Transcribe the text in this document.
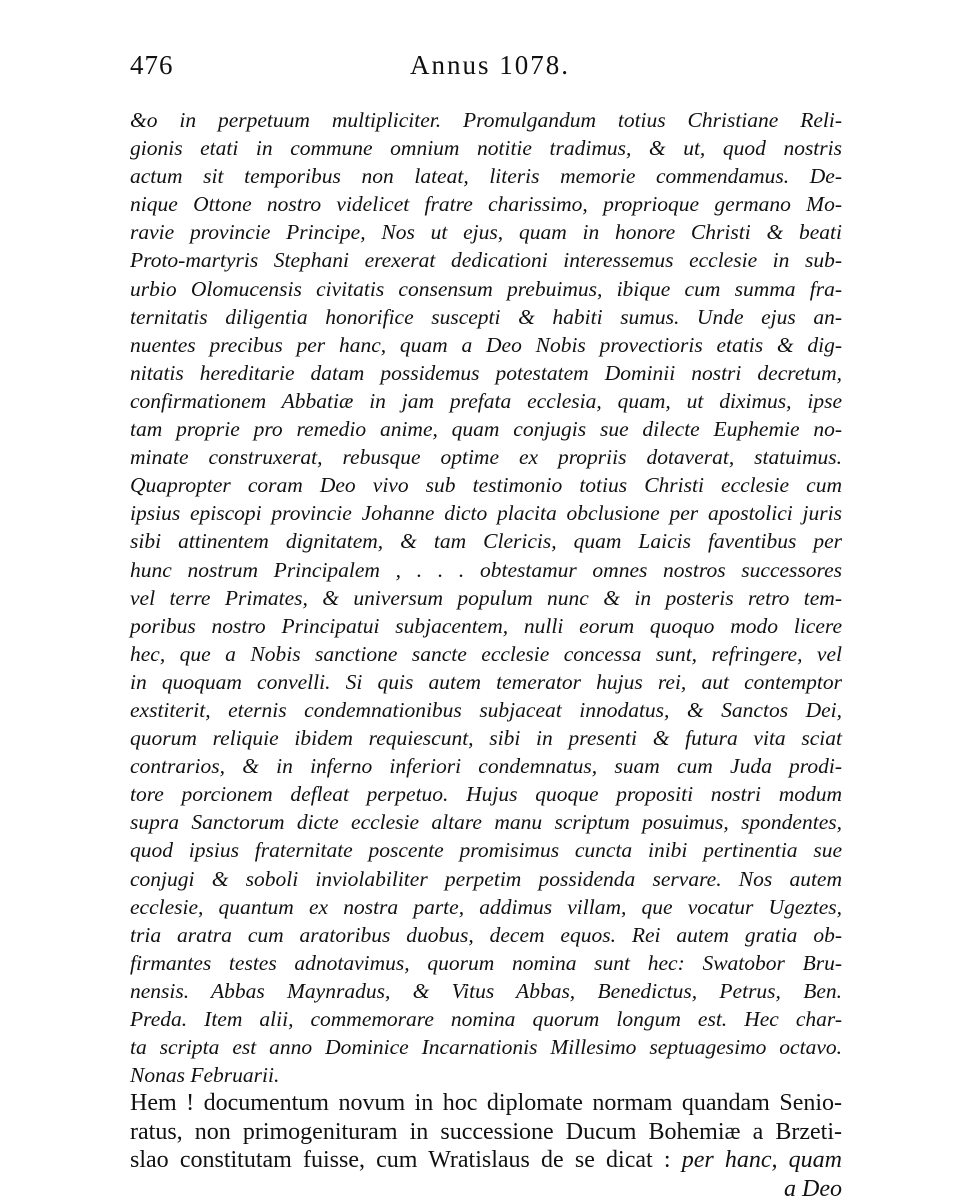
476	Annus 1078.
&o in perpetuum multipliciter. Promulgandum totius Christiane Reli-
gionis etati in commune omnium notitie tradimus, & ut, quod nostris
actum sit temporibus non lateat, literis memorie commendamus. De-
nique Ottone nostro videlicet fratre charissimo, proprioque germano Mo-
ravie provincie Principe, Nos ut ejus, quam in honore Christi & beati
Proto-martyris Stephani erexerat dedicationi interessemus ecclesie in sub-
urbio Olomucensis civitatis consensum prebuimus, ibique cum summa fra-
ternitatis diligentia honorifice suscepti & habiti sumus. Unde ejus an-
nuentes precibus per hanc, quam a Deo Nobis provectioris etatis & dig-
nitatis hereditarie datam possidemus potestatem Dominii nostri decretum,
confirmationem Abbatiæ in jam prefata ecclesia, quam, ut diximus, ipse
tam proprie pro remedio anime, quam conjugis sue dilecte Euphemie no-
minate construxerat, rebusque optime ex propriis dotaverat, statuimus.
Quapropter coram Deo vivo sub testimonio totius Christi ecclesie cum
ipsius episcopi provincie Johanne dicto placita obclusione per apostolici juris
sibi attinentem dignitatem, & tam Clericis, quam Laicis faventibus per
hunc nostrum Principalem , . . . obtestamur omnes nostros successores
vel terre Primates, & universum populum nunc & in posteris retro tem-
poribus nostro Principatui subjacentem, nulli eorum quoquo modo licere
hec, que a Nobis sanctione sancte ecclesie concessa sunt, refringere, vel
in quoquam convelli. Si quis autem temerator hujus rei, aut contemptor
exstiterit, eternis condemnationibus subjaceat innodatus, & Sanctos Dei,
quorum reliquie ibidem requiescunt, sibi in presenti & futura vita sciat
contrarios, & in inferno inferiori condemnatus, suam cum Juda prodi-
tore porcionem defleat perpetuo. Hujus quoque propositi nostri modum
supra Sanctorum dicte ecclesie altare manu scriptum posuimus, spondentes,
quod ipsius fraternitate poscente promisimus cuncta inibi pertinentia sue
conjugi & soboli inviolabiliter perpetim possidenda servare. Nos autem
ecclesie, quantum ex nostra parte, addimus villam, que vocatur Ugeztes,
tria aratra cum aratoribus duobus, decem equos. Rei autem gratia ob-
firmantes testes adnotavimus, quorum nomina sunt hec: Swatobor Bru-
nensis. Abbas Maynradus, & Vitus Abbas, Benedictus, Petrus, Ben.
Preda. Item alii, commemorare nomina quorum longum est. Hec char-
ta scripta est anno Dominice Incarnationis Millesimo septuagesimo octavo.
Nonas Februarii.
Hem ! documentum novum in hoc diplomate normam quandam Senio-
ratus, non primogenituram in successione Ducum Bohemiæ a Brzeti-
slao constitutam fuisse, cum Wratislaus de se dicat : per hanc, quam
a Deo
